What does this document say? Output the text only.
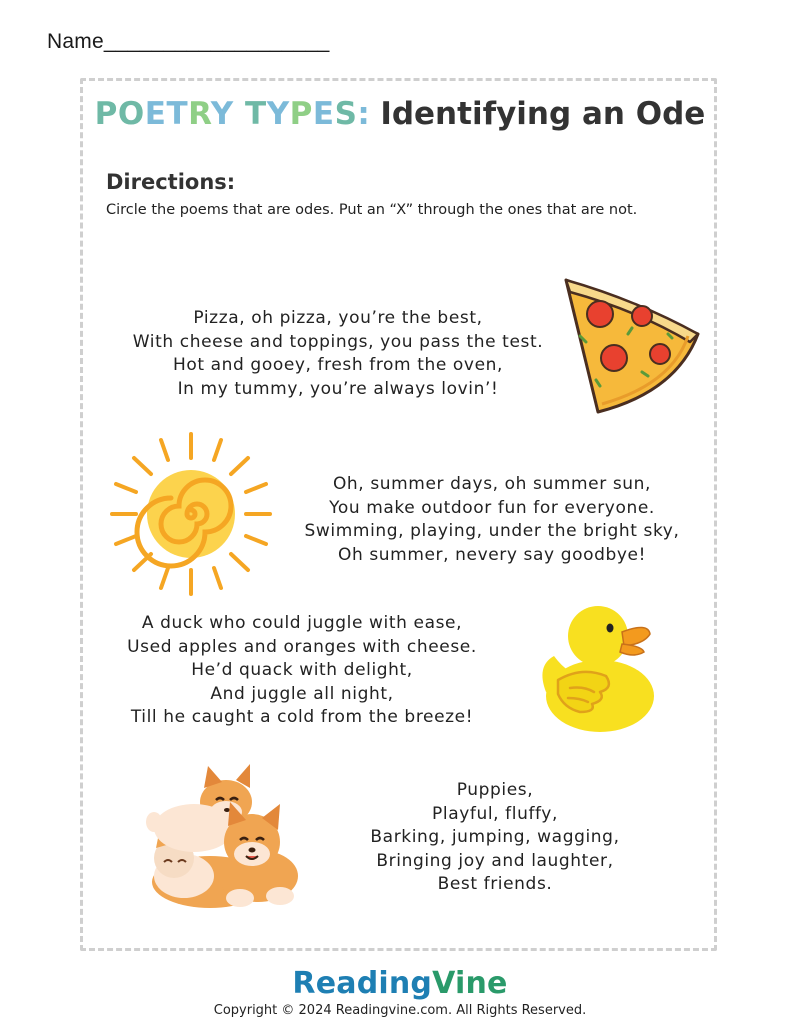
Name___________________
POETRY TYPES: Identifying an Ode
Directions:
Circle the poems that are odes. Put an “X” through the ones that are not.
Pizza, oh pizza, you’re the best,
With cheese and toppings, you pass the test.
Hot and gooey, fresh from the oven,
In my tummy, you’re always lovin’!
Oh, summer days, oh summer sun,
You make outdoor fun for everyone.
Swimming, playing, under the bright sky,
Oh summer, nevery say goodbye!
A duck who could juggle with ease,
Used apples and oranges with cheese.
He’d quack with delight,
And juggle all night,
Till he caught a cold from the breeze!
Puppies,
Playful, fluffy,
Barking, jumping, wagging,
Bringing joy and laughter,
Best friends.
ReadingVine
Copyright © 2024 Readingvine.com. All Rights Reserved.
